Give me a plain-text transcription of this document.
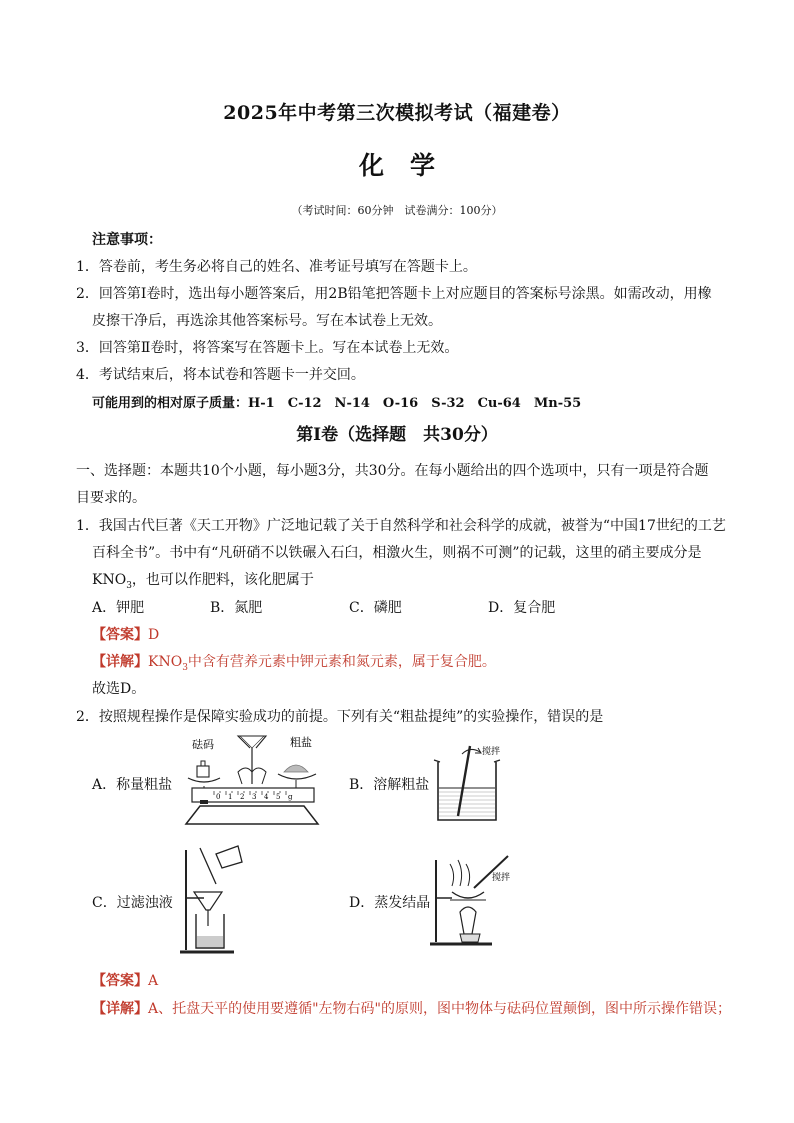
2025年中考第三次模拟考试（福建卷）
化学
（考试时间：60分钟　试卷满分：100分）
注意事项：
1．答卷前，考生务必将自己的姓名、准考证号填写在答题卡上。
2．回答第Ⅰ卷时，选出每小题答案后，用2B铅笔把答题卡上对应题目的答案标号涂黑。如需改动，用橡
皮擦干净后，再选涂其他答案标号。写在本试卷上无效。
3．回答第Ⅱ卷时，将答案写在答题卡上。写在本试卷上无效。
4．考试结束后，将本试卷和答题卡一并交回。
可能用到的相对原子质量：H-1　C-12　N-14　O-16　S-32　Cu-64　Mn-55
第Ⅰ卷（选择题　共30分）
一、选择题：本题共10个小题，每小题3分，共30分。在每小题给出的四个选项中，只有一项是符合题
目要求的。
1．我国古代巨著《天工开物》广泛地记载了关于自然科学和社会科学的成就，被誉为“中国17世纪的工艺
百科全书”。书中有“凡研硝不以铁碾入石臼，相激火生，则祸不可测”的记载，这里的硝主要成分是
$KNO_3$，也可以作肥料，该化肥属于
A．钾肥	B．氮肥	C．磷肥	D．复合肥
【答案】D
【详解】$KNO_3$中含有营养元素中钾元素和氮元素，属于复合肥。
故选D。
2．按照规程操作是保障实验成功的前提。下列有关“粗盐提纯”的实验操作，错误的是
A．称量粗盐	B．溶解粗盐
C．过滤浊液	D．蒸发结晶
砝码	粗盐
0 1 2 3 4 5 g
搅拌
搅拌
【答案】A
【详解】A、托盘天平的使用要遵循"左物右码"的原则，图中物体与砝码位置颠倒，图中所示操作错误；
